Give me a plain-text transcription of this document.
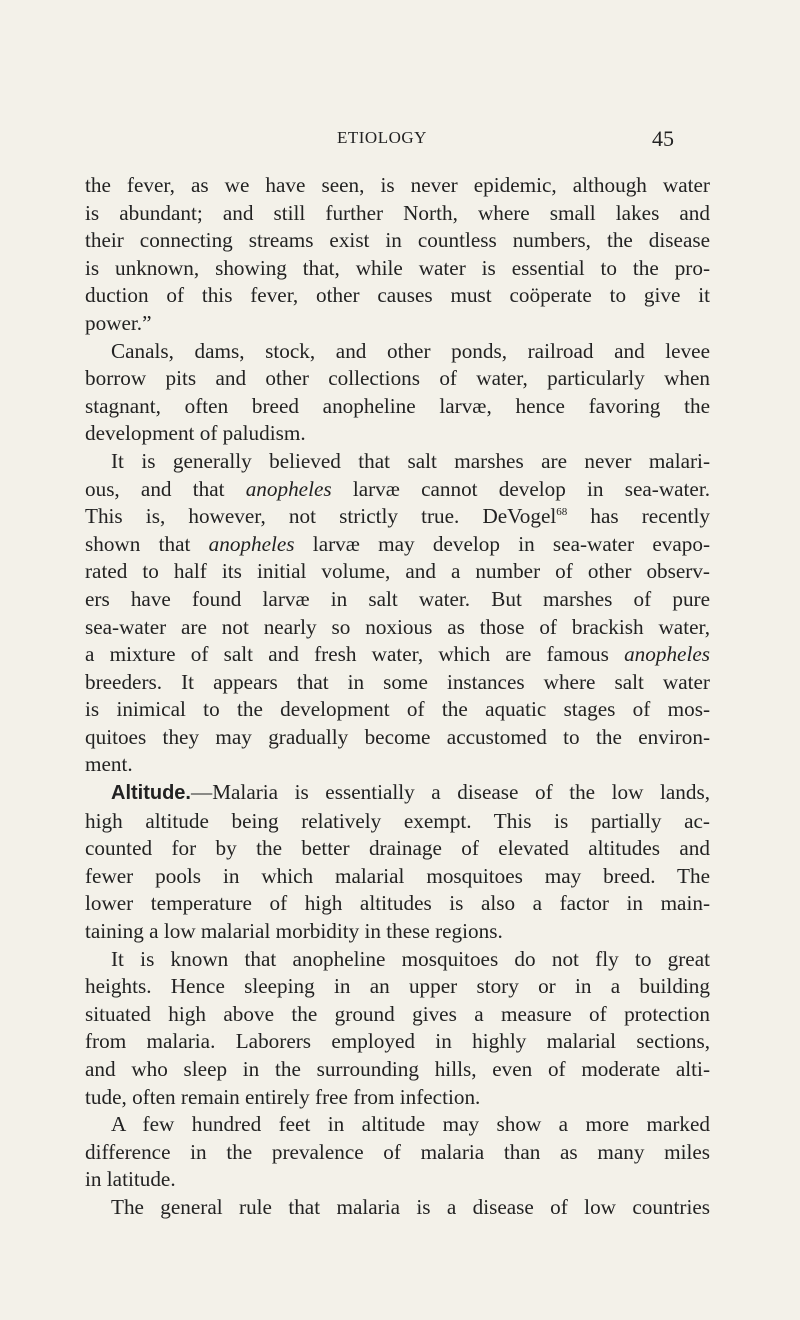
ETIOLOGY	45
the fever, as we have seen, is never epidemic, although water
is abundant; and still further North, where small lakes and
their connecting streams exist in countless numbers, the disease
is unknown, showing that, while water is essential to the pro-
duction of this fever, other causes must coöperate to give it
power.”
Canals, dams, stock, and other ponds, railroad and levee
borrow pits and other collections of water, particularly when
stagnant, often breed anopheline larvæ, hence favoring the
development of paludism.
It is generally believed that salt marshes are never malari-
ous, and that anopheles larvæ cannot develop in sea-water.
This is, however, not strictly true. DeVogel$^{68}$ has recently
shown that anopheles larvæ may develop in sea-water evapo-
rated to half its initial volume, and a number of other observ-
ers have found larvæ in salt water. But marshes of pure
sea-water are not nearly so noxious as those of brackish water,
a mixture of salt and fresh water, which are famous anopheles
breeders. It appears that in some instances where salt water
is inimical to the development of the aquatic stages of mos-
quitoes they may gradually become accustomed to the environ-
ment.
Altitude.—Malaria is essentially a disease of the low lands,
high altitude being relatively exempt. This is partially ac-
counted for by the better drainage of elevated altitudes and
fewer pools in which malarial mosquitoes may breed. The
lower temperature of high altitudes is also a factor in main-
taining a low malarial morbidity in these regions.
It is known that anopheline mosquitoes do not fly to great
heights. Hence sleeping in an upper story or in a building
situated high above the ground gives a measure of protection
from malaria. Laborers employed in highly malarial sections,
and who sleep in the surrounding hills, even of moderate alti-
tude, often remain entirely free from infection.
A few hundred feet in altitude may show a more marked
difference in the prevalence of malaria than as many miles
in latitude.
The general rule that malaria is a disease of low countries
